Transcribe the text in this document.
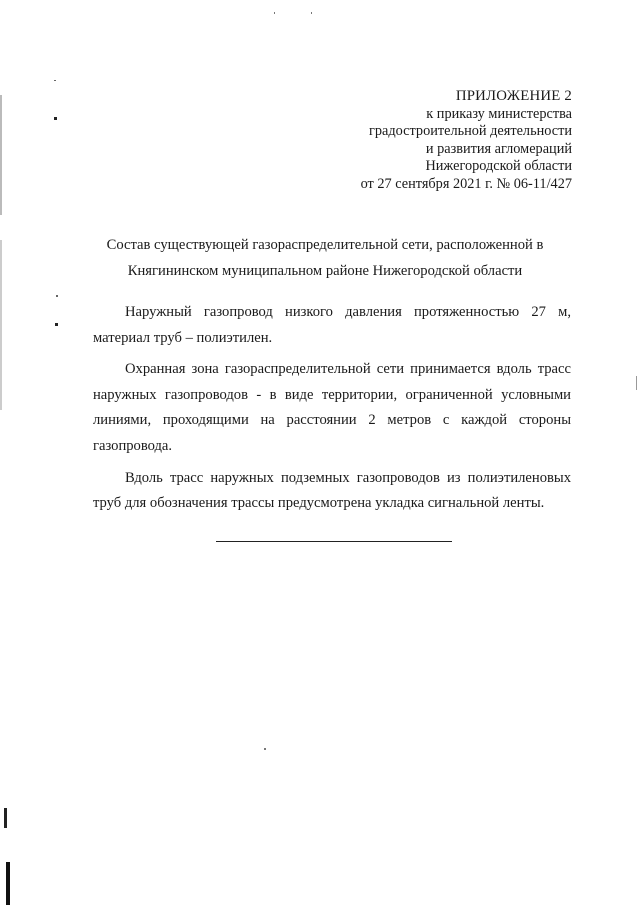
ПРИЛОЖЕНИЕ 2
к приказу министерства
градостроительной деятельности
и развития агломераций
Нижегородской области
от 27 сентября 2021 г. № 06-11/427
Состав существующей газораспределительной сети, расположенной в
Княгининском муниципальном районе Нижегородской области

Наружный газопровод низкого давления протяженностью 27 м, материал труб – полиэтилен.

Охранная зона газораспределительной сети принимается вдоль трасс наружных газопроводов - в виде территории, ограниченной условными линиями, проходящими на расстоянии 2 метров с каждой стороны газопровода.

Вдоль трасс наружных подземных газопроводов из полиэтиленовых труб для обозначения трассы предусмотрена укладка сигнальной ленты.
